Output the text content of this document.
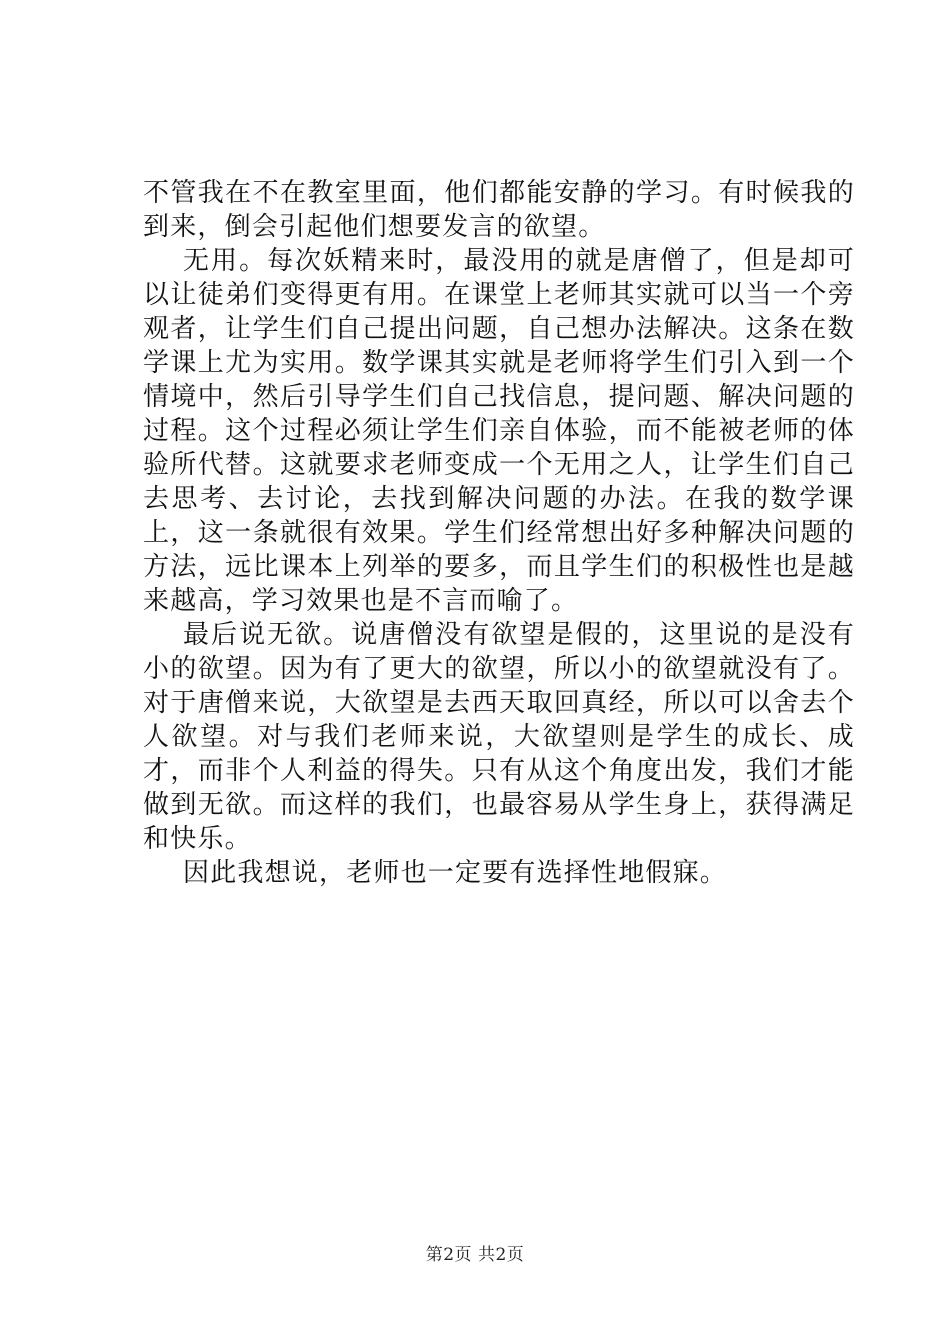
不管我在不在教室里面，他们都能安静的学习。有时候我的到来，倒会引起他们想要发言的欲望。

无用。每次妖精来时，最没用的就是唐僧了，但是却可以让徒弟们变得更有用。在课堂上老师其实就可以当一个旁观者，让学生们自己提出问题，自己想办法解决。这条在数学课上尤为实用。数学课其实就是老师将学生们引入到一个情境中，然后引导学生们自己找信息，提问题、解决问题的过程。这个过程必须让学生们亲自体验，而不能被老师的体验所代替。这就要求老师变成一个无用之人，让学生们自己去思考、去讨论，去找到解决问题的办法。在我的数学课上，这一条就很有效果。学生们经常想出好多种解决问题的方法，远比课本上列举的要多，而且学生们的积极性也是越来越高，学习效果也是不言而喻了。

最后说无欲。说唐僧没有欲望是假的，这里说的是没有小的欲望。因为有了更大的欲望，所以小的欲望就没有了。对于唐僧来说，大欲望是去西天取回真经，所以可以舍去个人欲望。对与我们老师来说，大欲望则是学生的成长、成才，而非个人利益的得失。只有从这个角度出发，我们才能做到无欲。而这样的我们，也最容易从学生身上，获得满足和快乐。

因此我想说，老师也一定要有选择性地假寐。

第2页 共2页
